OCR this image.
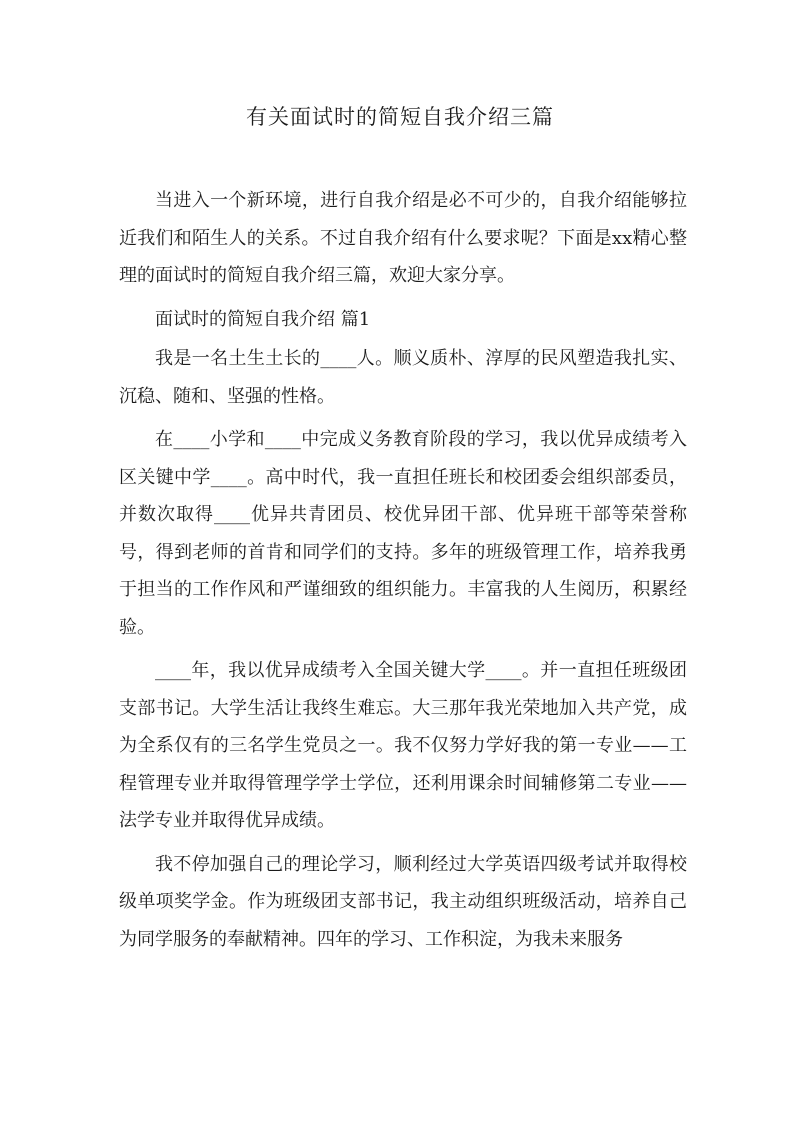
有关面试时的简短自我介绍三篇

当进入一个新环境，进行自我介绍是必不可少的，自我介绍能够拉近我们和陌生人的关系。不过自我介绍有什么要求呢？下面是xx精心整理的面试时的简短自我介绍三篇，欢迎大家分享。

面试时的简短自我介绍 篇1

我是一名土生土长的____人。顺义质朴、淳厚的民风塑造我扎实、沉稳、随和、坚强的性格。

在____小学和____中完成义务教育阶段的学习，我以优异成绩考入区关键中学____。高中时代，我一直担任班长和校团委会组织部委员，并数次取得____优异共青团员、校优异团干部、优异班干部等荣誉称号，得到老师的首肯和同学们的支持。多年的班级管理工作，培养我勇于担当的工作作风和严谨细致的组织能力。丰富我的人生阅历，积累经验。

____年，我以优异成绩考入全国关键大学____。并一直担任班级团支部书记。大学生活让我终生难忘。大三那年我光荣地加入共产党，成为全系仅有的三名学生党员之一。我不仅努力学好我的第一专业——工程管理专业并取得管理学学士学位，还利用课余时间辅修第二专业——法学专业并取得优异成绩。

我不停加强自己的理论学习，顺利经过大学英语四级考试并取得校级单项奖学金。作为班级团支部书记，我主动组织班级活动，培养自己为同学服务的奉献精神。四年的学习、工作积淀，为我未来服务
